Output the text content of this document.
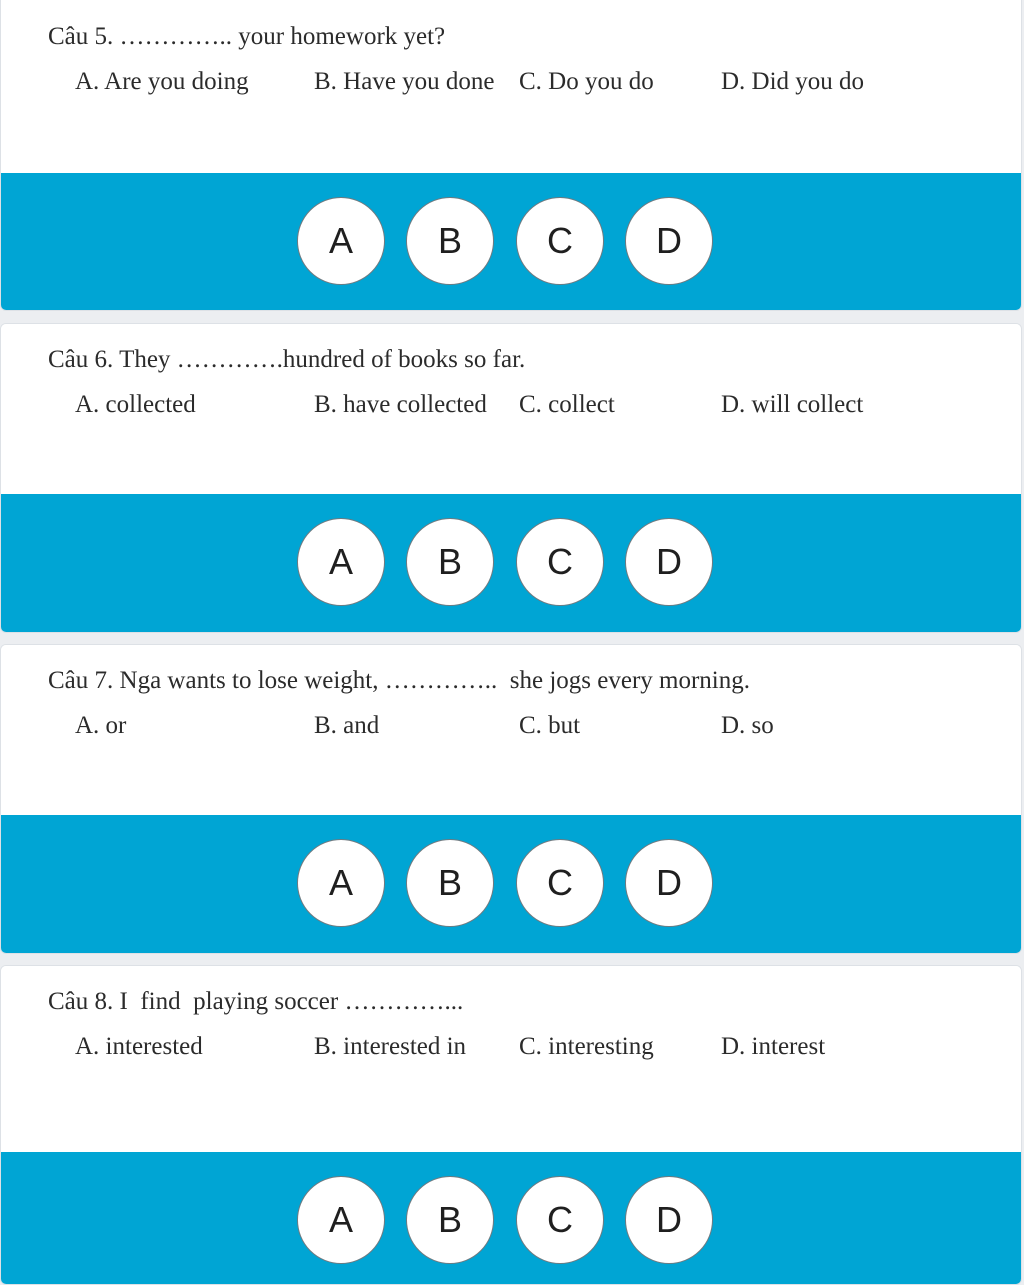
Câu 5. ………….. your homework yet?
A. Are you doing	B. Have you done C. Do you do	D. Did you do
A	B	C	D
Câu 6. They ………….hundred of books so far.
A. collected	B. have collected C. collect	D. will collect
A	B	C	D
Câu 7. Nga wants to lose weight, …………..  she jogs every morning.
A. or	B. and	C. but	D. so
A	B	C	D
Câu 8. I  find  playing soccer …………...
A. interested	B. interested in C. interesting	D. interest
A	B	C	D
